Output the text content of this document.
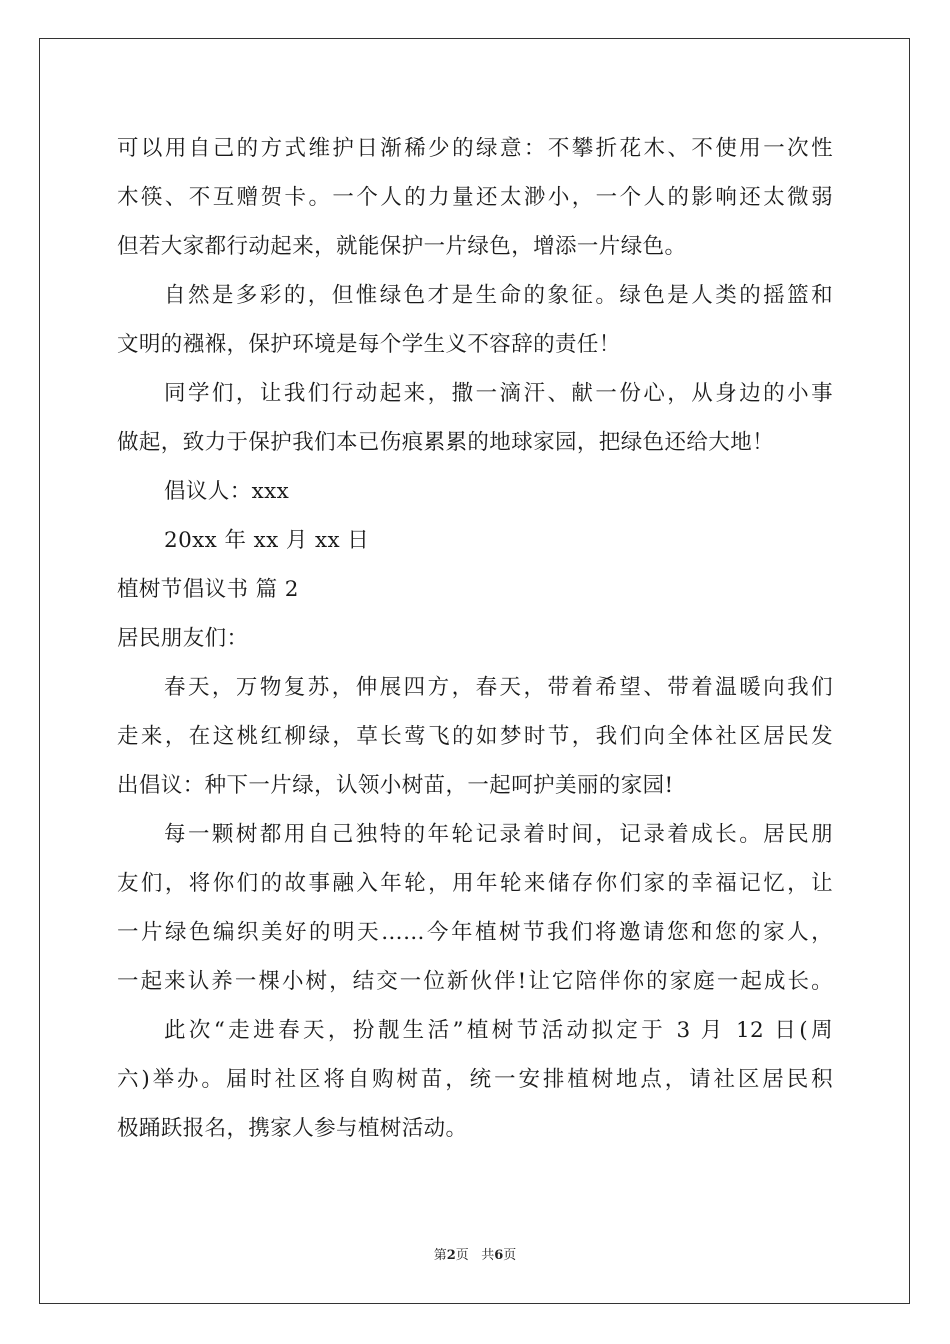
可以用自己的方式维护日渐稀少的绿意：不攀折花木、不使用一次性
木筷、不互赠贺卡。一个人的力量还太渺小，一个人的影响还太微弱
但若大家都行动起来，就能保护一片绿色，增添一片绿色。
自然是多彩的，但惟绿色才是生命的象征。绿色是人类的摇篮和
文明的襁褓，保护环境是每个学生义不容辞的责任！
同学们，让我们行动起来，撒一滴汗、献一份心，从身边的小事
做起，致力于保护我们本已伤痕累累的地球家园，把绿色还给大地！
倡议人：xxx
20xx 年 xx 月 xx 日
植树节倡议书 篇 2
居民朋友们：
春天，万物复苏，伸展四方，春天，带着希望、带着温暖向我们
走来，在这桃红柳绿，草长莺飞的如梦时节，我们向全体社区居民发
出倡议：种下一片绿，认领小树苗，一起呵护美丽的家园!
每一颗树都用自己独特的年轮记录着时间，记录着成长。居民朋
友们，将你们的故事融入年轮，用年轮来储存你们家的幸福记忆，让
一片绿色编织美好的明天……今年植树节我们将邀请您和您的家人，
一起来认养一棵小树，结交一位新伙伴!让它陪伴你的家庭一起成长。
此次“走进春天，扮靓生活”植树节活动拟定于 3 月 12 日(周
六)举办。届时社区将自购树苗，统一安排植树地点，请社区居民积
极踊跃报名，携家人参与植树活动。
第2页   共6页
